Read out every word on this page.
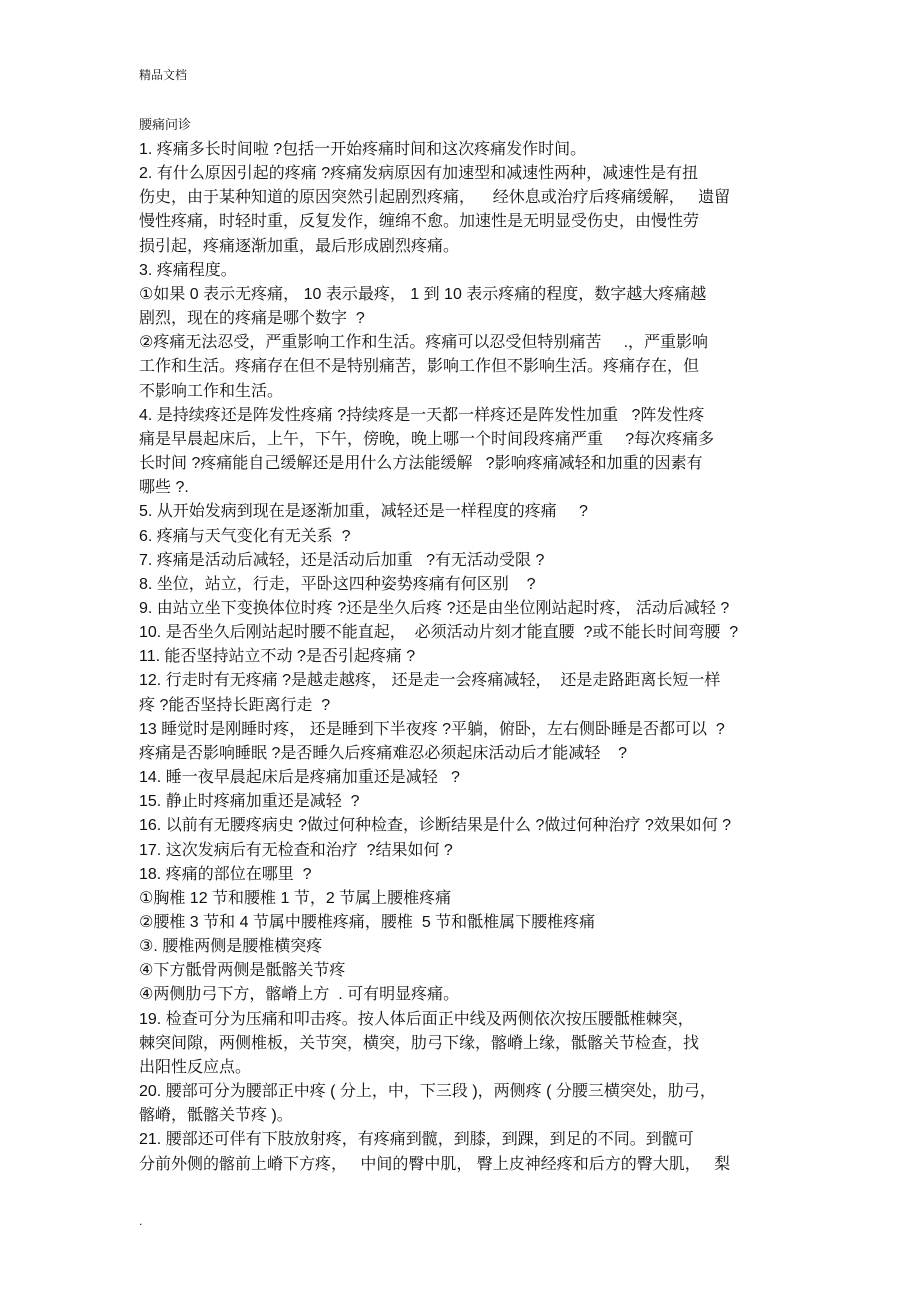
精品文档
腰痛问诊
1. 疼痛多长时间啦 ?包括一开始疼痛时间和这次疼痛发作时间。
2. 有什么原因引起的疼痛 ?疼痛发病原因有加速型和减速性两种，减速性是有扭
伤史，由于某种知道的原因突然引起剧烈疼痛，    经休息或治疗后疼痛缓解，   遗留
慢性疼痛，时轻时重，反复发作，缠绵不愈。加速性是无明显受伤史，由慢性劳
损引起，疼痛逐渐加重，最后形成剧烈疼痛。
3. 疼痛程度。
①如果 0 表示无疼痛， 10 表示最疼， 1 到 10 表示疼痛的程度，数字越大疼痛越
剧烈，现在的疼痛是哪个数字  ?
②疼痛无法忍受，严重影响工作和生活。疼痛可以忍受但特别痛苦     .，严重影响
工作和生活。疼痛存在但不是特别痛苦，影响工作但不影响生活。疼痛存在，但
不影响工作和生活。
4. 是持续疼还是阵发性疼痛 ?持续疼是一天都一样疼还是阵发性加重   ?阵发性疼
痛是早晨起床后，上午，下午，傍晚，晚上哪一个时间段疼痛严重     ?每次疼痛多
长时间 ?疼痛能自己缓解还是用什么方法能缓解   ?影响疼痛减轻和加重的因素有
哪些 ?.
5. 从开始发病到现在是逐渐加重，减轻还是一样程度的疼痛     ?
6. 疼痛与天气变化有无关系  ?
7. 疼痛是活动后减轻，还是活动后加重   ?有无活动受限 ?
8. 坐位，站立，行走，平卧这四种姿势疼痛有何区别    ?
9. 由站立坐下变换体位时疼 ?还是坐久后疼 ?还是由坐位刚站起时疼， 活动后减轻 ?
10. 是否坐久后刚站起时腰不能直起，  必须活动片刻才能直腰  ?或不能长时间弯腰  ?
11. 能否坚持站立不动 ?是否引起疼痛 ?
12. 行走时有无疼痛 ?是越走越疼， 还是走一会疼痛减轻，  还是走路距离长短一样
疼 ?能否坚持长距离行走  ?
13 睡觉时是刚睡时疼， 还是睡到下半夜疼 ?平躺，俯卧，左右侧卧睡是否都可以  ?
疼痛是否影响睡眠 ?是否睡久后疼痛难忍必须起床活动后才能减轻    ?
14. 睡一夜早晨起床后是疼痛加重还是减轻   ?
15. 静止时疼痛加重还是减轻  ?
16. 以前有无腰疼病史 ?做过何种检查，诊断结果是什么 ?做过何种治疗 ?效果如何 ?
17. 这次发病后有无检查和治疗  ?结果如何 ?
18. 疼痛的部位在哪里  ?
①胸椎 12 节和腰椎 1 节，2 节属上腰椎疼痛
②腰椎 3 节和 4 节属中腰椎疼痛，腰椎  5 节和骶椎属下腰椎疼痛
③. 腰椎两侧是腰椎横突疼
④下方骶骨两侧是骶髂关节疼
④两侧肋弓下方，髂嵴上方  . 可有明显疼痛。
19. 检查可分为压痛和叩击疼。按人体后面正中线及两侧依次按压腰骶椎棘突，
棘突间隙，两侧椎板，关节突，横突，肋弓下缘，髂嵴上缘，骶髂关节检查，找
出阳性反应点。
20. 腰部可分为腰部正中疼 ( 分上，中，下三段 )，两侧疼 ( 分腰三横突处，肋弓，
髂嵴，骶髂关节疼 )。
21. 腰部还可伴有下肢放射疼，有疼痛到髋，到膝，到踝，到足的不同。到髋可
分前外侧的髂前上嵴下方疼，   中间的臀中肌， 臀上皮神经疼和后方的臀大肌，   梨
.
